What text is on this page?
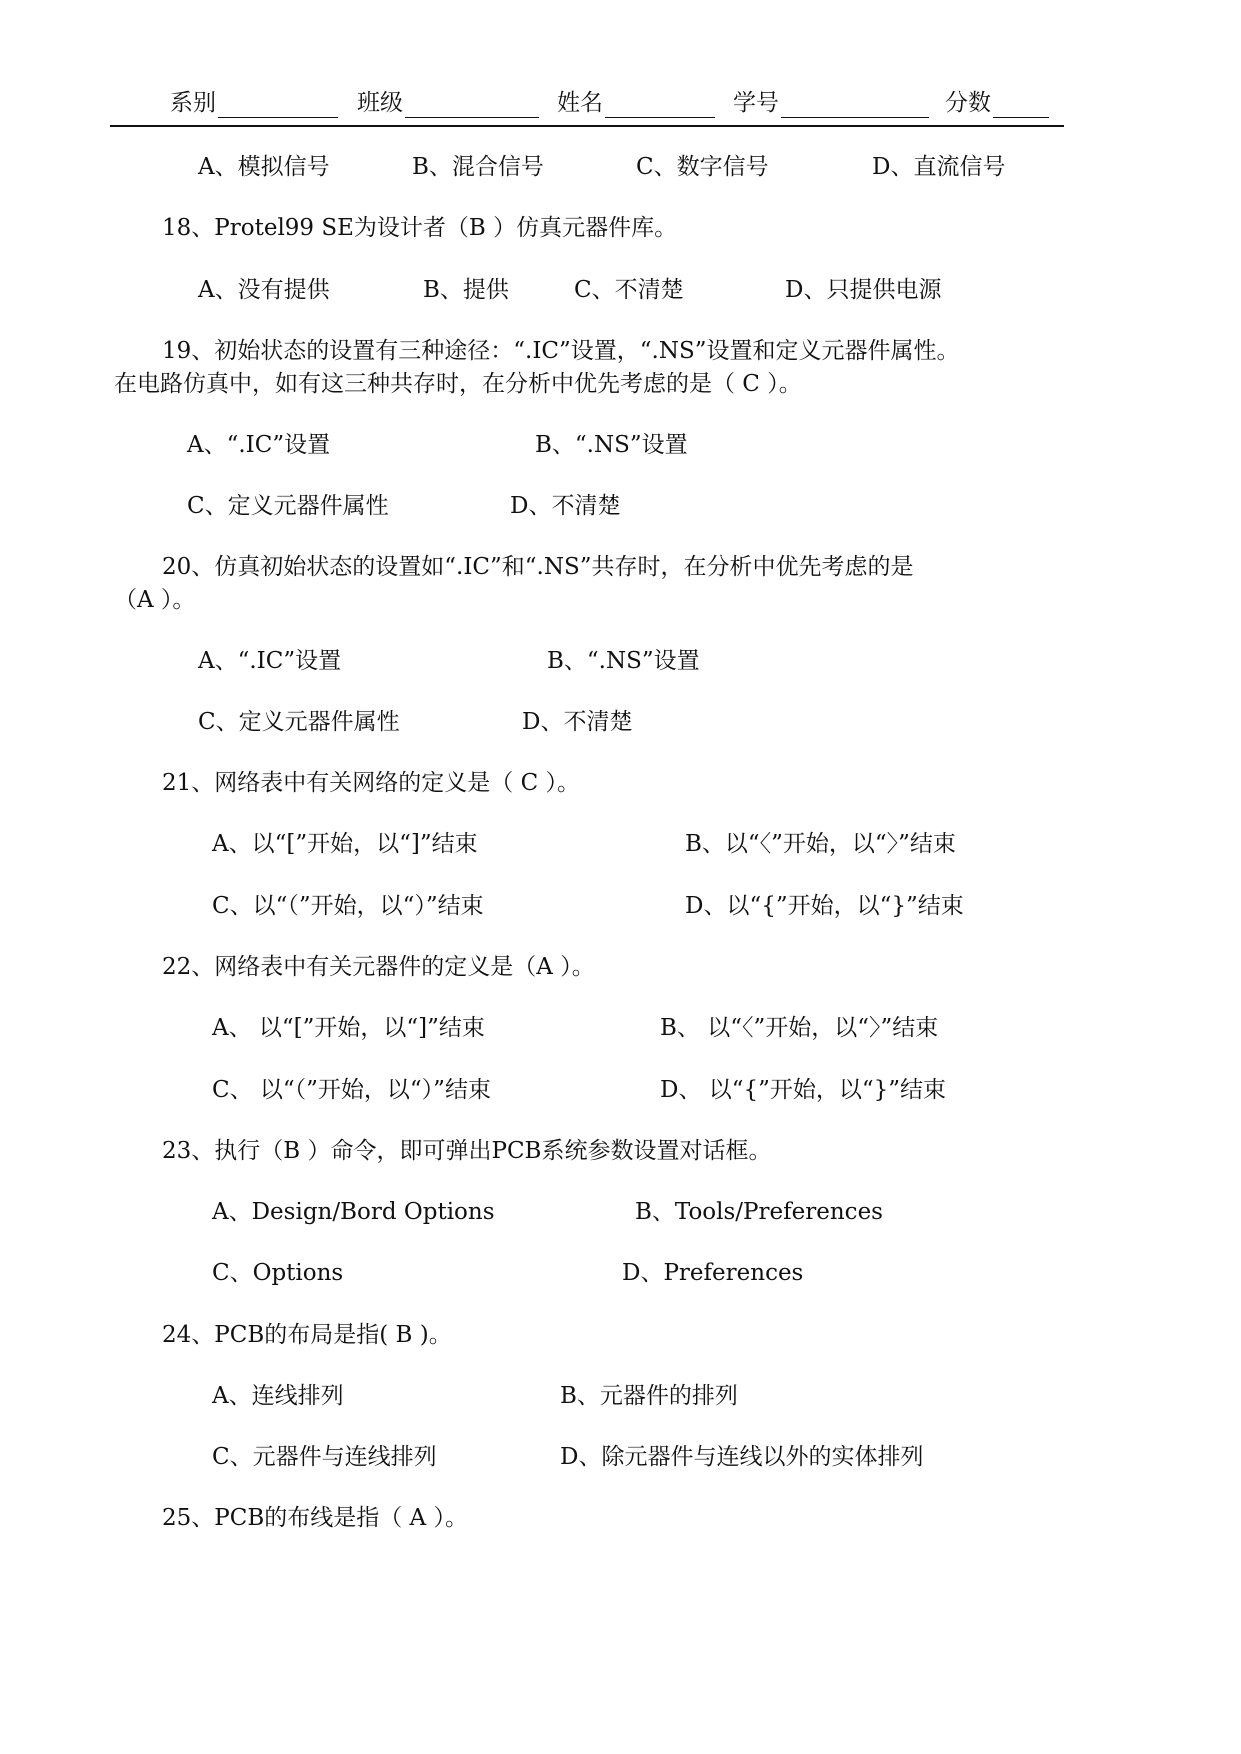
系别	班级	姓名	学号	分数
A、模拟信号	B、混合信号	C、数字信号	D、直流信号
18、Protel99 SE为设计者（B ）仿真元器件库。
A、没有提供	B、提供	C、不清楚	D、只提供电源
19、初始状态的设置有三种途径：“.IC”设置，“.NS”设置和定义元器件属性。
在电路仿真中，如有这三种共存时，在分析中优先考虑的是（ C ）。
A、“.IC”设置	B、“.NS”设置
C、定义元器件属性	D、不清楚
20、仿真初始状态的设置如“.IC”和“.NS”共存时，在分析中优先考虑的是
（A ）。
A、“.IC”设置	B、“.NS”设置
C、定义元器件属性	D、不清楚
21、网络表中有关网络的定义是（ C ）。
A、以“[”开始，以“]”结束	B、以“〈”开始，以“〉”结束
C、以“（”开始，以“）”结束	D、以“{”开始，以“}”结束
22、网络表中有关元器件的定义是（A ）。
A、 以“[”开始，以“]”结束	B、 以“〈”开始，以“〉”结束
C、 以“（”开始，以“）”结束	D、 以“{”开始，以“}”结束
23、执行（B ）命令，即可弹出PCB系统参数设置对话框。
A、Design/Bord Options	B、Tools/Preferences
C、Options	D、Preferences
24、PCB的布局是指( B )。
A、连线排列	B、元器件的排列
C、元器件与连线排列	D、除元器件与连线以外的实体排列
25、PCB的布线是指（ A ）。
